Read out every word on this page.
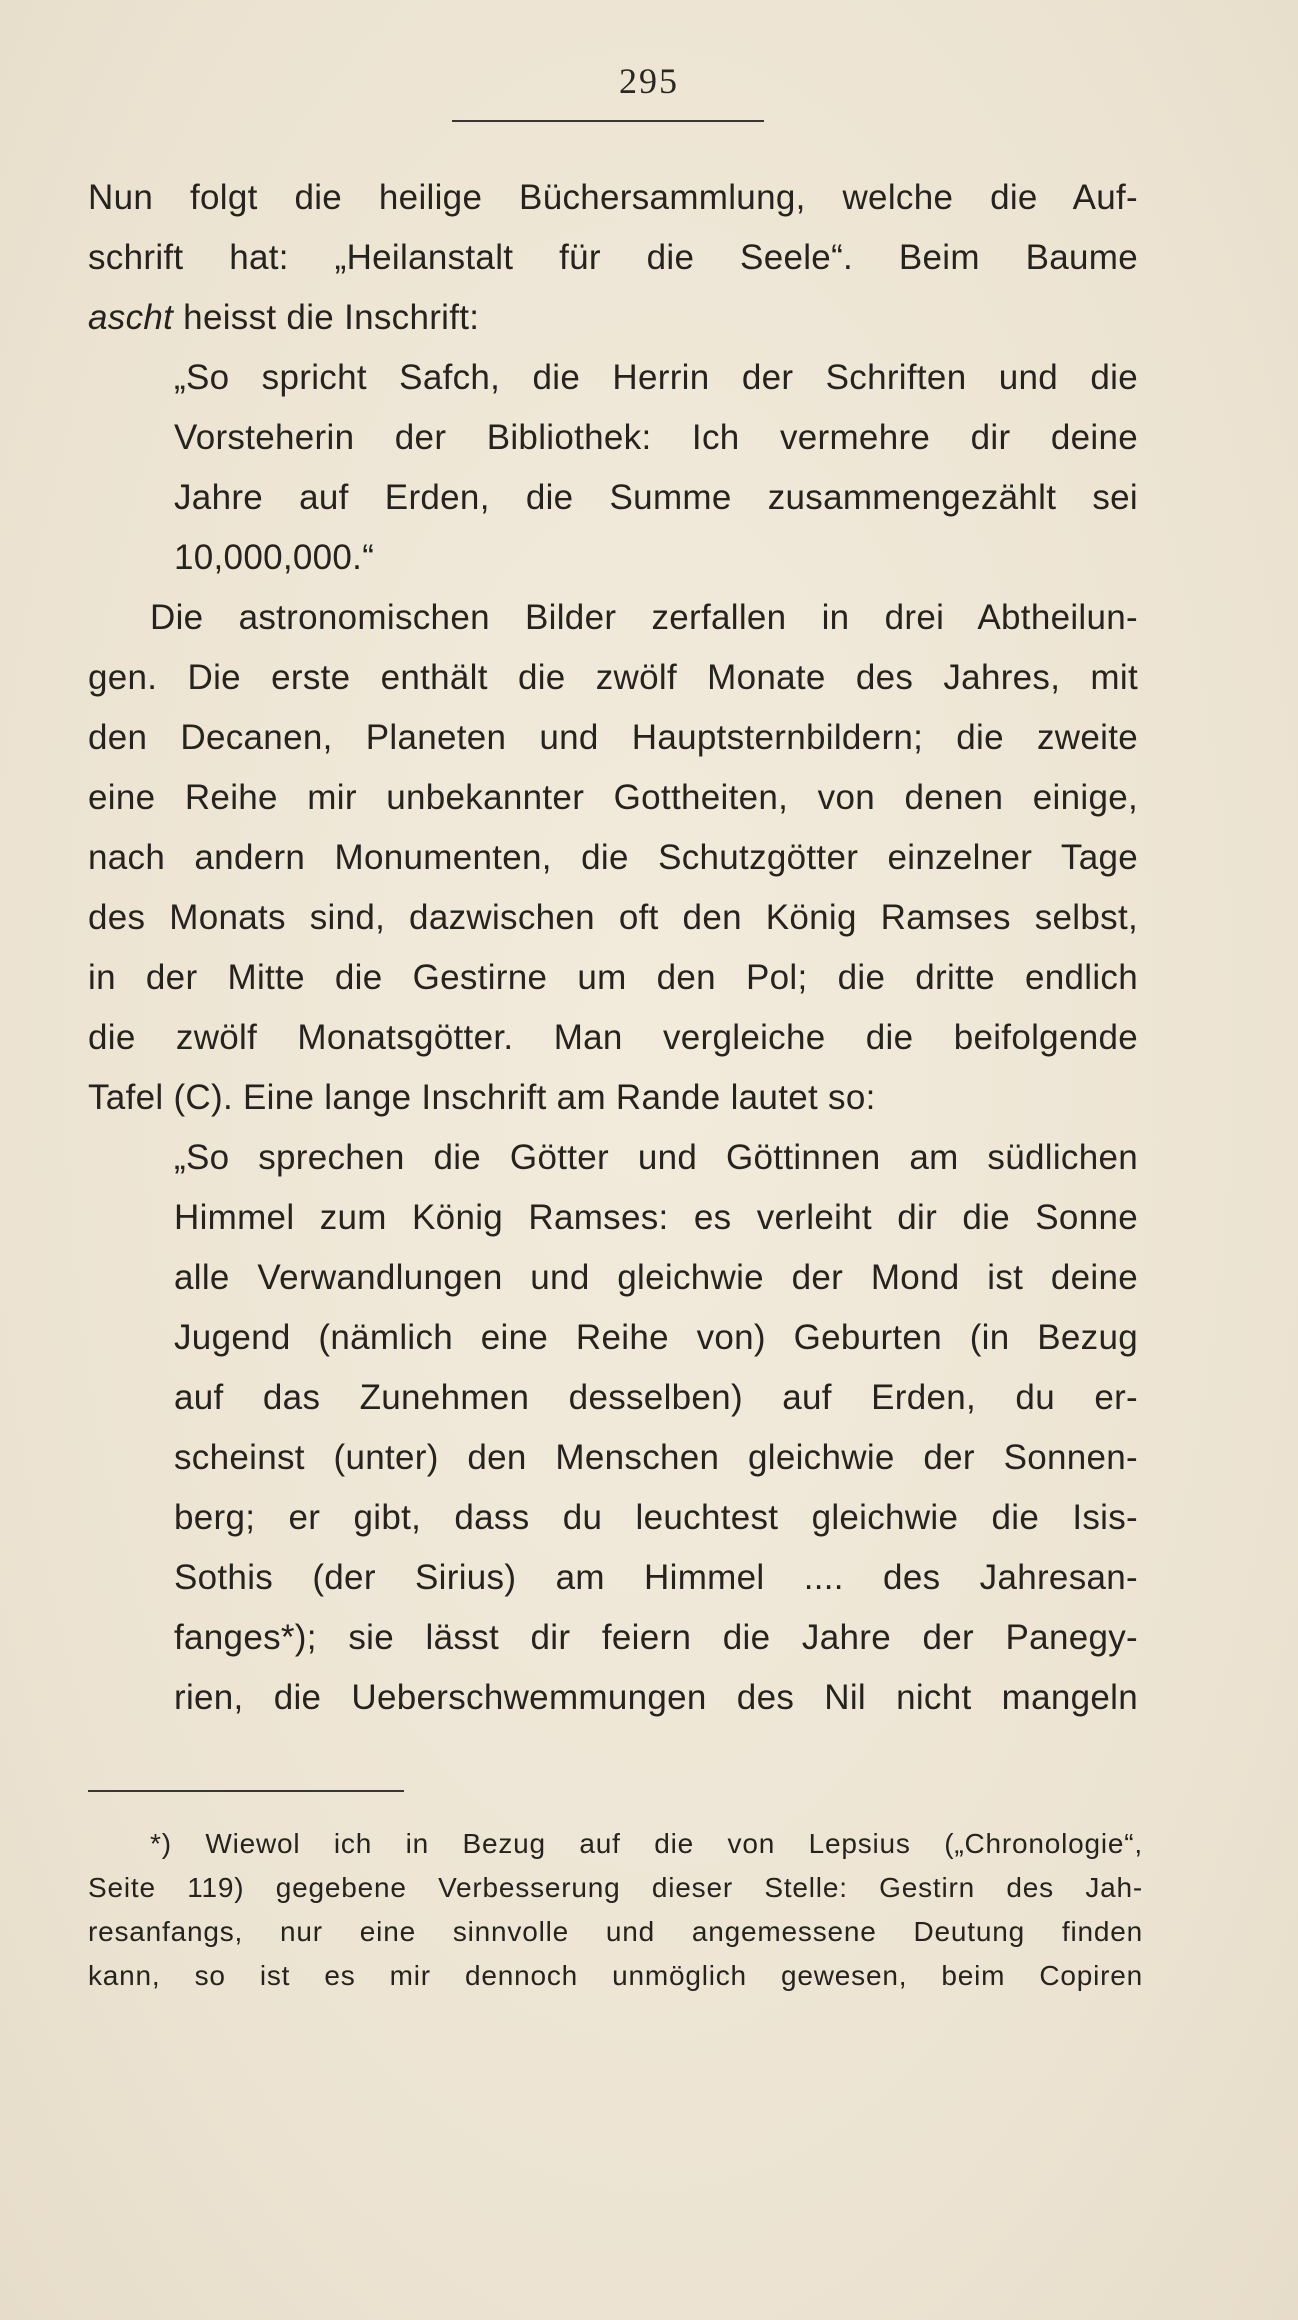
295
Nun folgt die heilige Büchersammlung, welche die Auf-
schrift hat: „Heilanstalt für die Seele“. Beim Baume
ascht heisst die Inschrift:
„So spricht Safch, die Herrin der Schriften und die
Vorsteherin der Bibliothek: Ich vermehre dir deine
Jahre auf Erden, die Summe zusammengezählt sei
10,000,000.“
Die astronomischen Bilder zerfallen in drei Abtheilun-
gen. Die erste enthält die zwölf Monate des Jahres, mit
den Decanen, Planeten und Hauptsternbildern; die zweite
eine Reihe mir unbekannter Gottheiten, von denen einige,
nach andern Monumenten, die Schutzgötter einzelner Tage
des Monats sind, dazwischen oft den König Ramses selbst,
in der Mitte die Gestirne um den Pol; die dritte endlich
die zwölf Monatsgötter. Man vergleiche die beifolgende
Tafel (C). Eine lange Inschrift am Rande lautet so:
„So sprechen die Götter und Göttinnen am südlichen
Himmel zum König Ramses: es verleiht dir die Sonne
alle Verwandlungen und gleichwie der Mond ist deine
Jugend (nämlich eine Reihe von) Geburten (in Bezug
auf das Zunehmen desselben) auf Erden, du er-
scheinst (unter) den Menschen gleichwie der Sonnen-
berg; er gibt, dass du leuchtest gleichwie die Isis-
Sothis (der Sirius) am Himmel .... des Jahresan-
fanges*); sie lässt dir feiern die Jahre der Panegy-
rien, die Ueberschwemmungen des Nil nicht mangeln
*) Wiewol ich in Bezug auf die von Lepsius („Chronologie“,
Seite 119) gegebene Verbesserung dieser Stelle: Gestirn des Jah-
resanfangs, nur eine sinnvolle und angemessene Deutung finden
kann, so ist es mir dennoch unmöglich gewesen, beim Copiren
